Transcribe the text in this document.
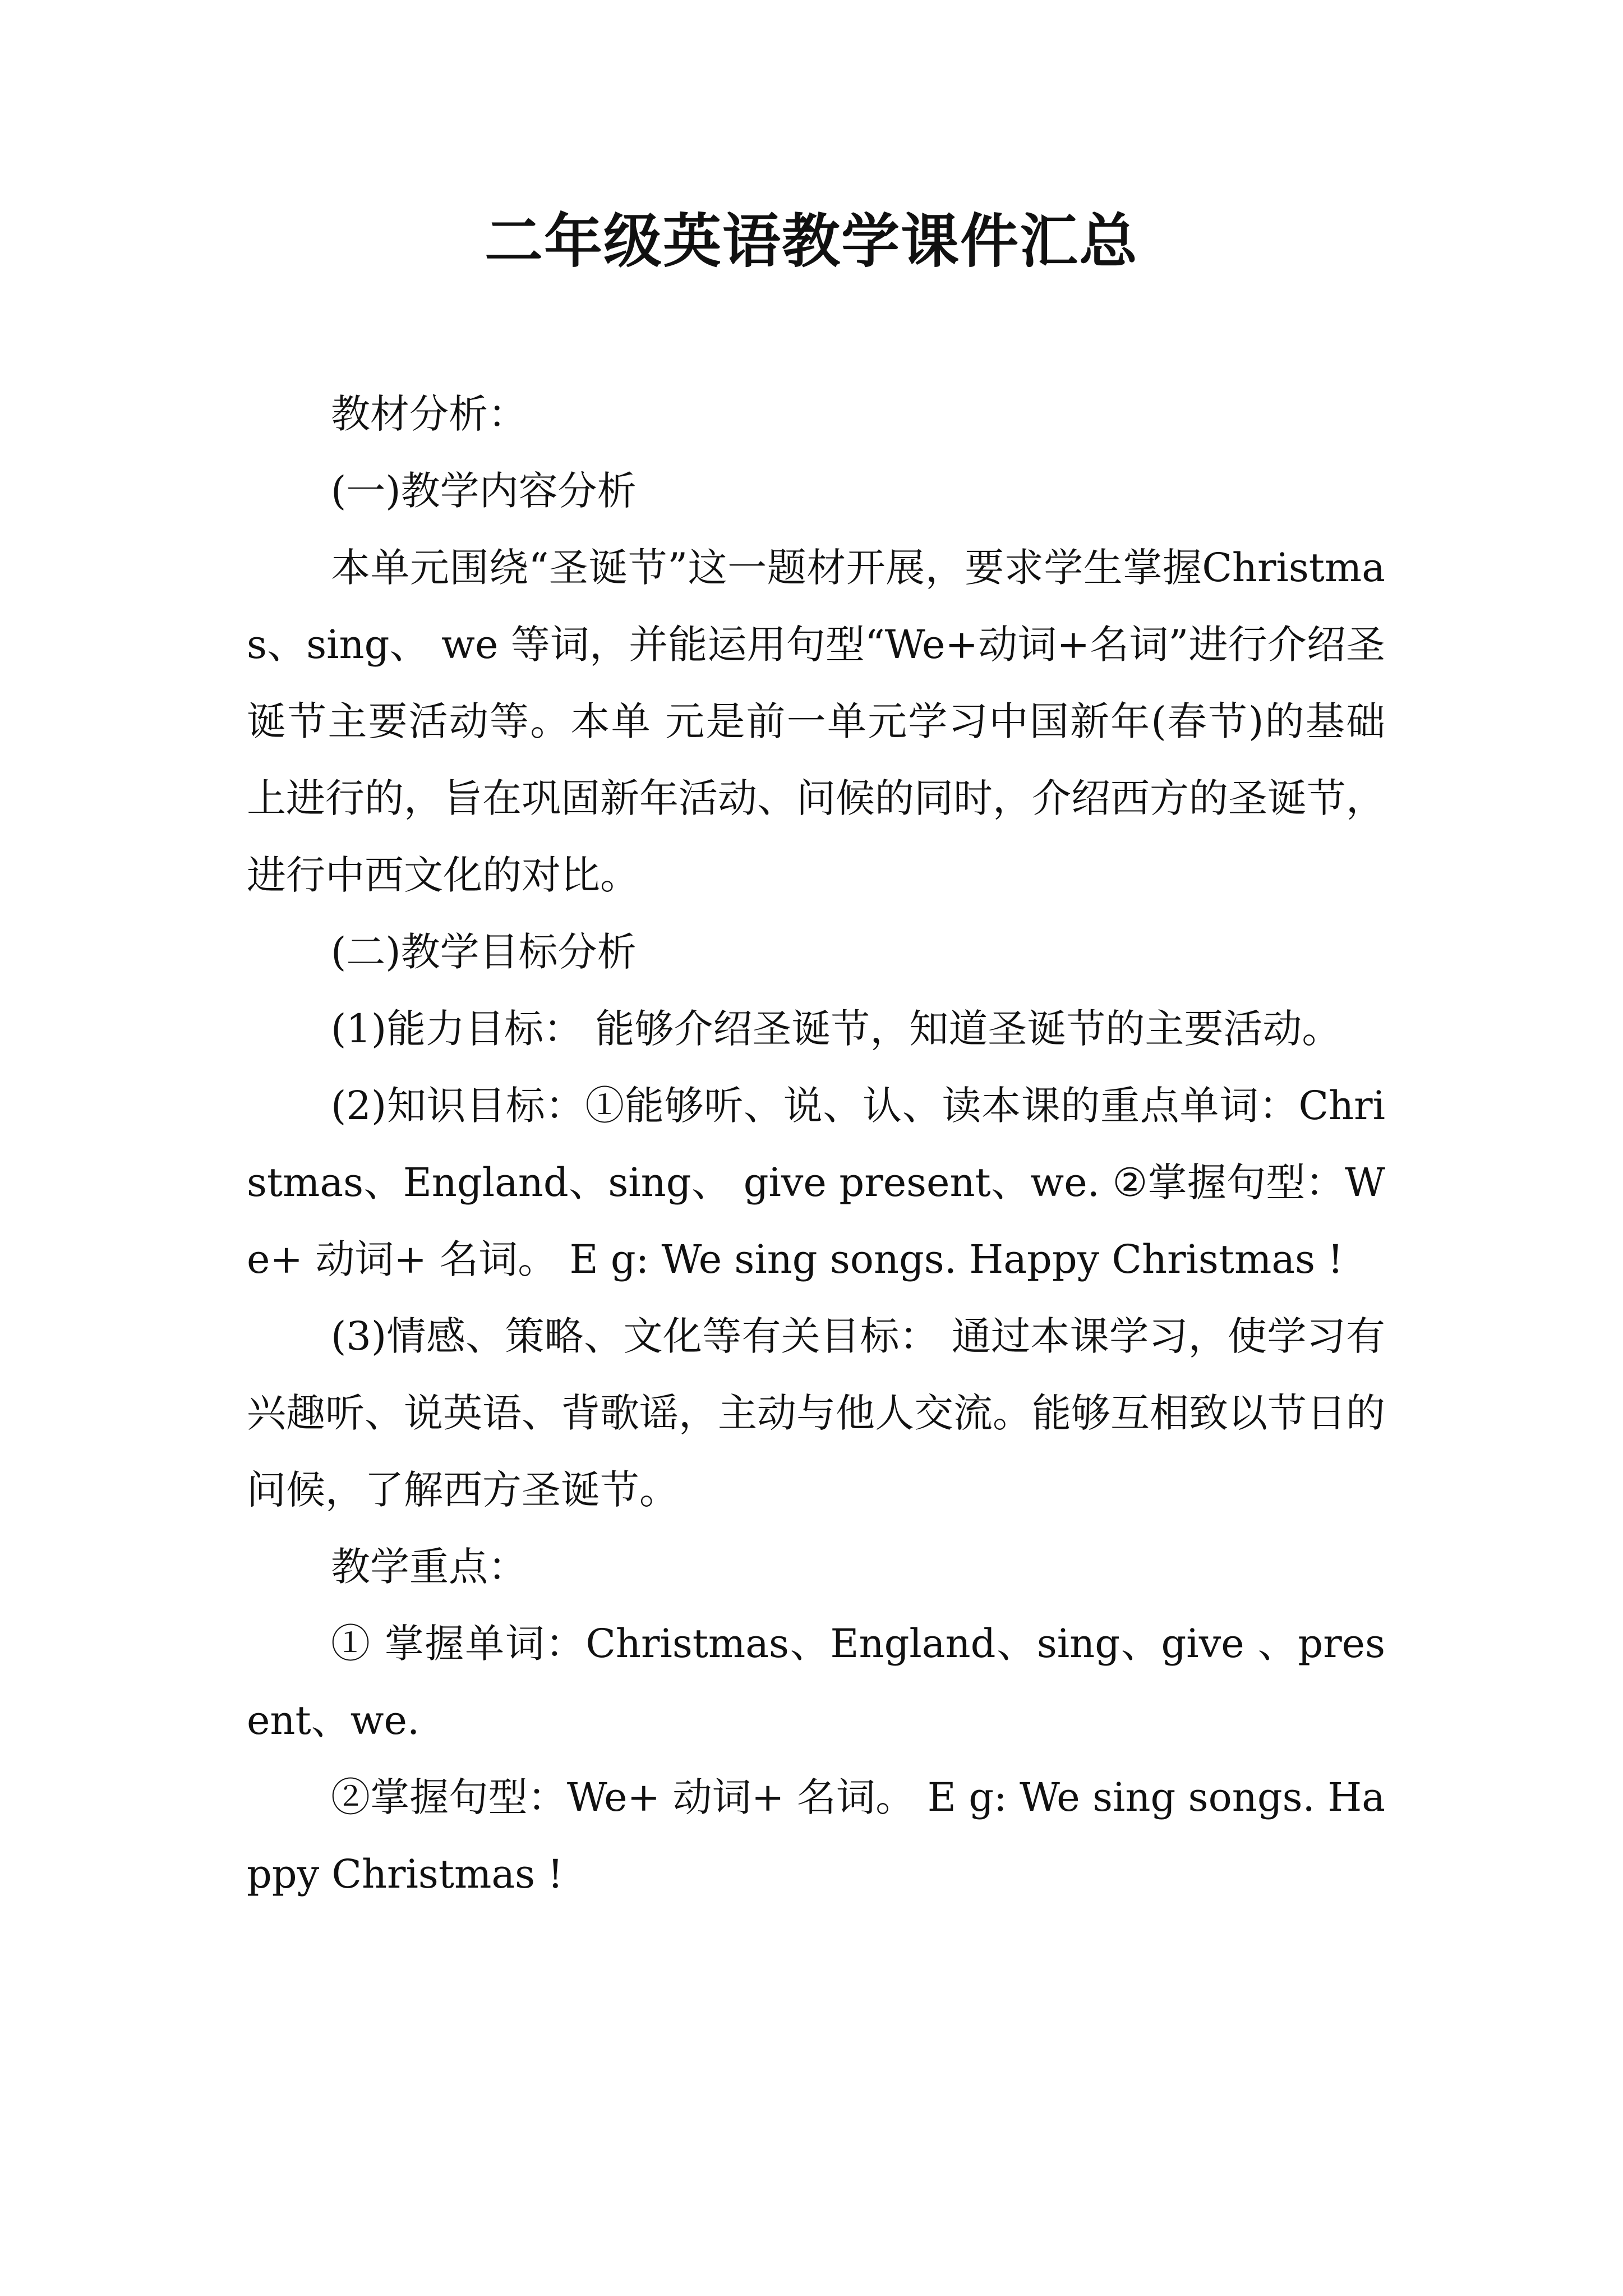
二年级英语教学课件汇总

教材分析：

(一)教学内容分析

本单元围绕“圣诞节”这一题材开展，要求学生掌握Christmas、sing、 we 等词，并能运用句型“We+动词+名词”进行介绍圣诞节主要活动等。本单 元是前一单元学习中国新年(春节)的基础上进行的，旨在巩固新年活动、问候的同时，介绍西方的圣诞节，进行中西文化的对比。

(二)教学目标分析

(1)能力目标： 能够介绍圣诞节，知道圣诞节的主要活动。

(2)知识目标：①能够听、说、认、读本课的重点单词：Christmas、England、sing、 give present、we. ②掌握句型：We+ 动词+ 名词。 E g: We sing songs. Happy Christmas !

(3)情感、策略、文化等有关目标： 通过本课学习，使学习有兴趣听、说英语、背歌谣，主动与他人交流。能够互相致以节日的问候，了解西方圣诞节。

教学重点：

① 掌握单词：Christmas、England、sing、give 、present、we.

②掌握句型：We+ 动词+ 名词。 E g: We sing songs. Happy Christmas !
